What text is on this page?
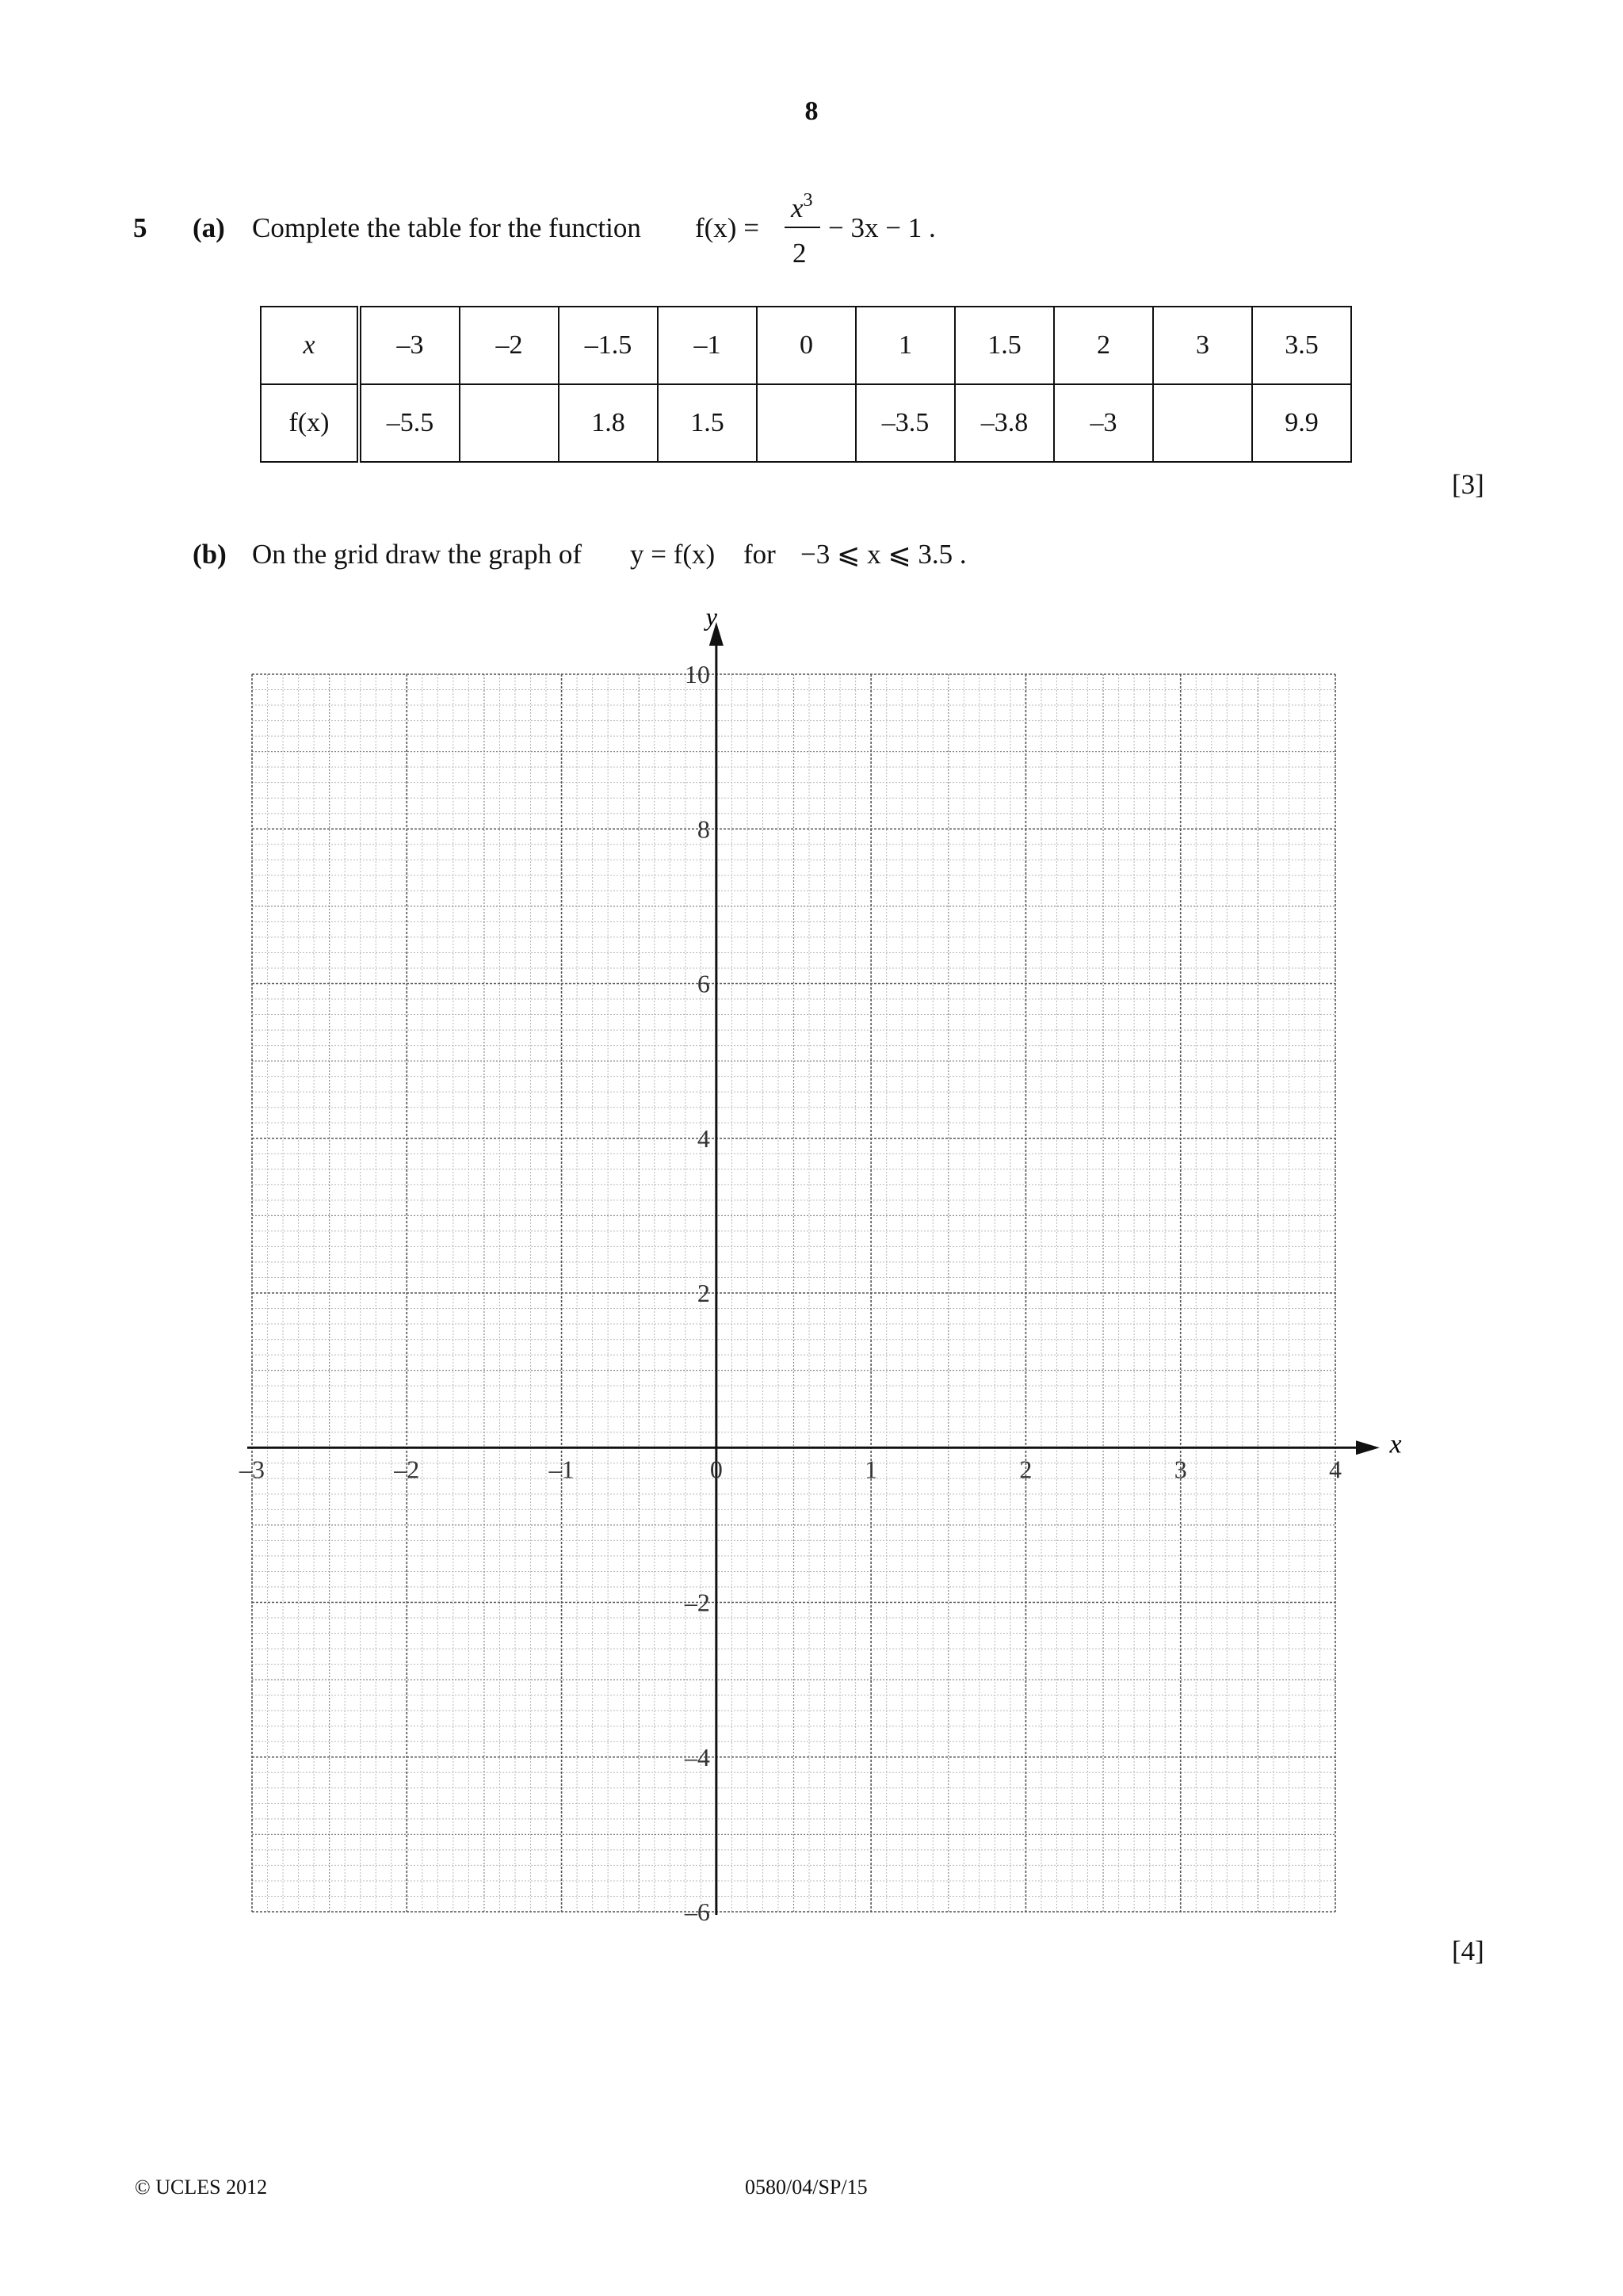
8
5 (a) Complete the table for the function f(x) =
$x^3$
2
− 3x − 1 .
x	–3	–2	–1.5	–1	0	1	1.5	2	3	3.5
f(x)	–5.5		1.8	1.5		–3.5	–3.8	–3		9.9
[3]
(b) On the grid draw the graph of y = f(x) for −3 ⩽ x ⩽ 3.5 .
y
x
–3	–2	–1	0	1	2	3	4
10
8
6
4
2
–2
–4
–6
[4]
© UCLES 2012	0580/04/SP/15
